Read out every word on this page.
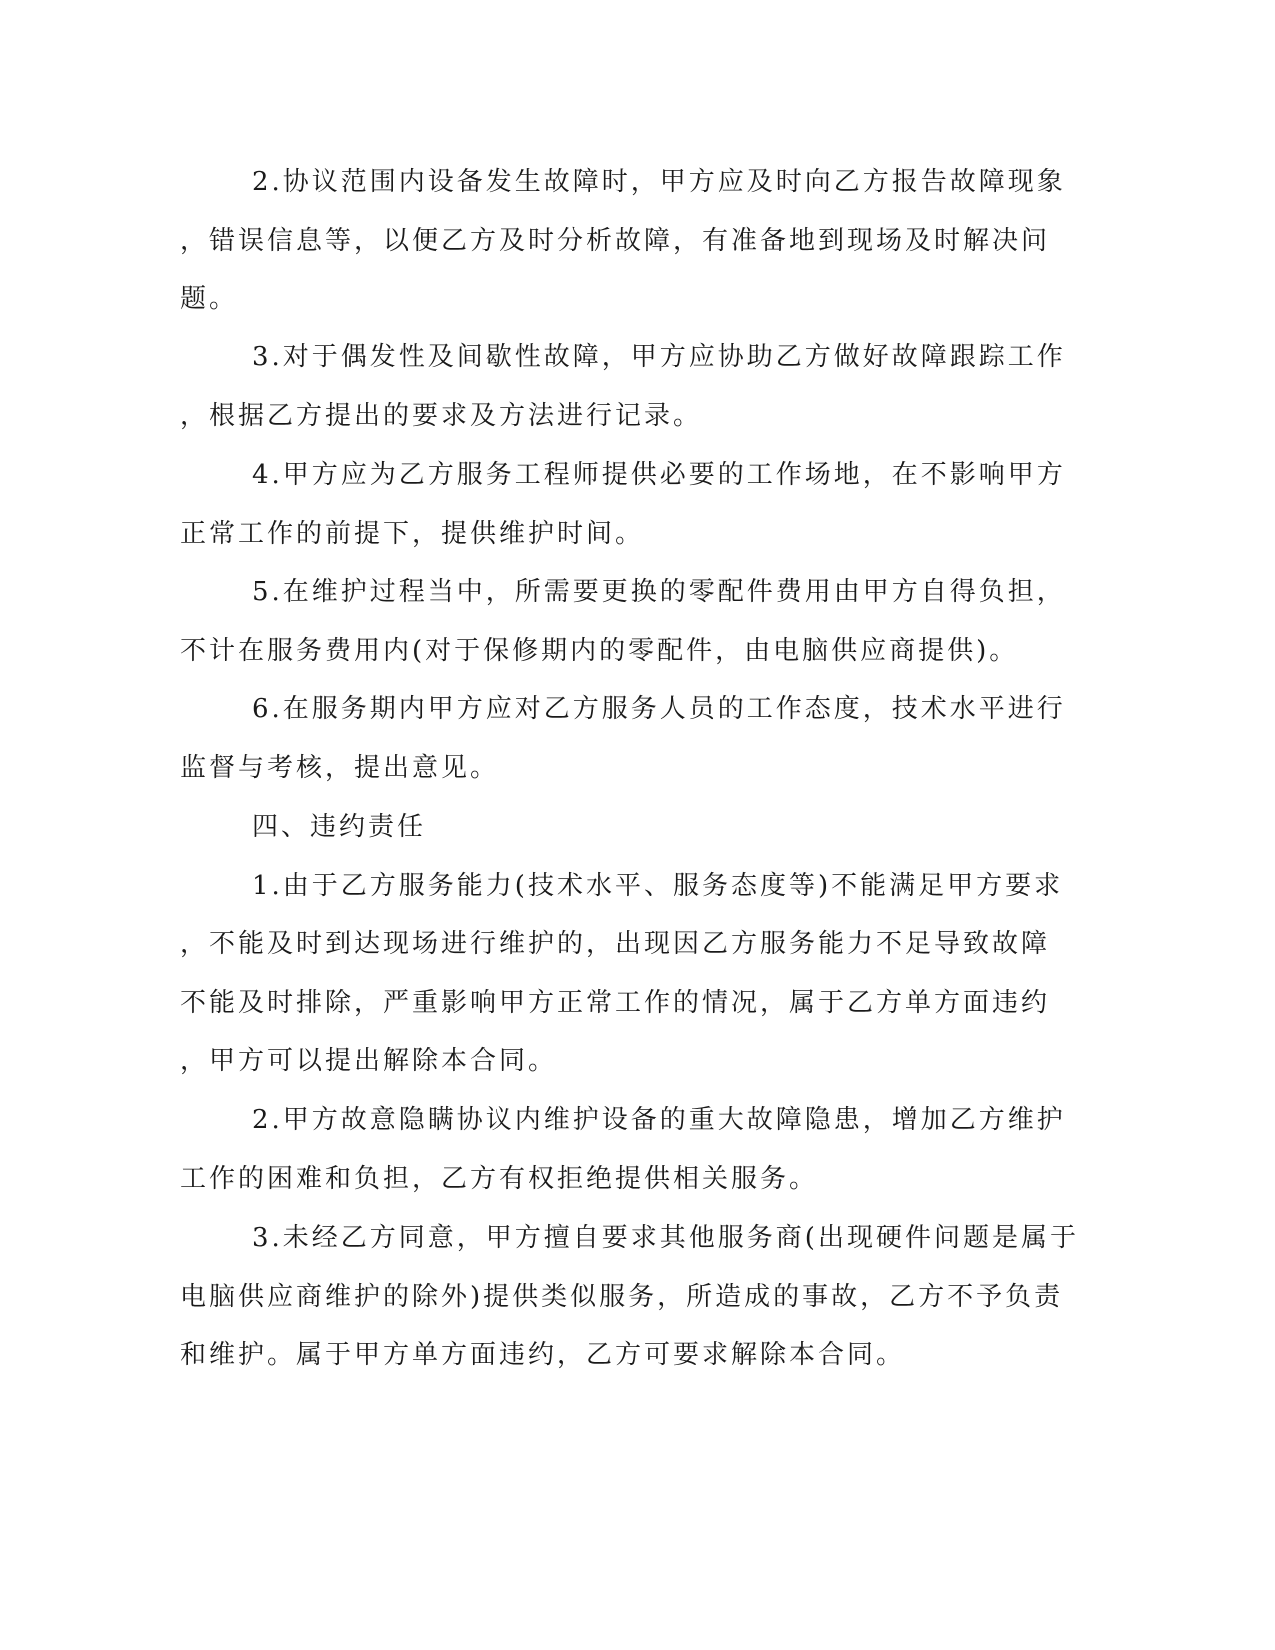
2.协议范围内设备发生故障时，甲方应及时向乙方报告故障现象
，错误信息等，以便乙方及时分析故障，有准备地到现场及时解决问
题。
3.对于偶发性及间歇性故障，甲方应协助乙方做好故障跟踪工作
，根据乙方提出的要求及方法进行记录。
4.甲方应为乙方服务工程师提供必要的工作场地，在不影响甲方
正常工作的前提下，提供维护时间。
5.在维护过程当中，所需要更换的零配件费用由甲方自得负担，
不计在服务费用内(对于保修期内的零配件，由电脑供应商提供)。
6.在服务期内甲方应对乙方服务人员的工作态度，技术水平进行
监督与考核，提出意见。
四、违约责任
1.由于乙方服务能力(技术水平、服务态度等)不能满足甲方要求
，不能及时到达现场进行维护的，出现因乙方服务能力不足导致故障
不能及时排除，严重影响甲方正常工作的情况，属于乙方单方面违约
，甲方可以提出解除本合同。
2.甲方故意隐瞒协议内维护设备的重大故障隐患，增加乙方维护
工作的困难和负担，乙方有权拒绝提供相关服务。
3.未经乙方同意，甲方擅自要求其他服务商(出现硬件问题是属于
电脑供应商维护的除外)提供类似服务，所造成的事故，乙方不予负责
和维护。属于甲方单方面违约，乙方可要求解除本合同。
